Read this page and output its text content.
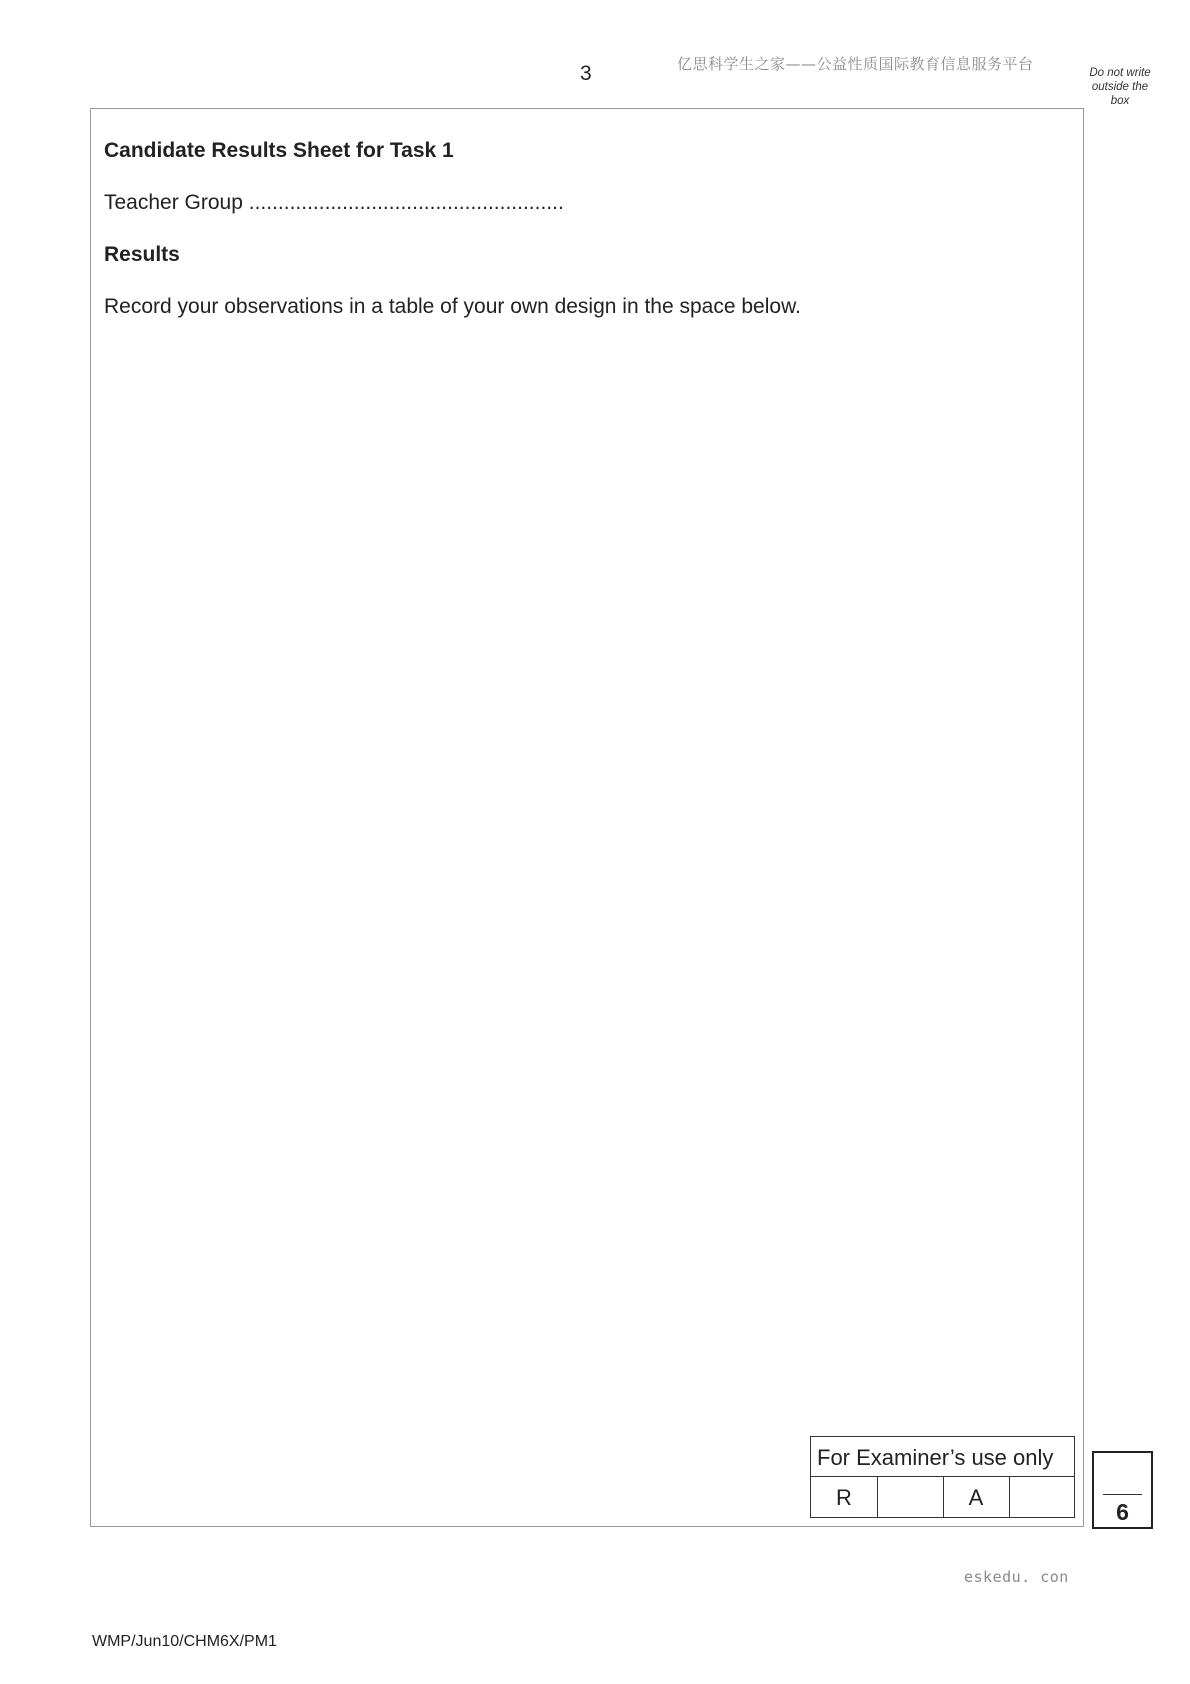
3	亿思科学生之家——公益性质国际教育信息服务平台	Do not write
outside the
box
Candidate Results Sheet for Task 1
Teacher Group ......................................................
Results
Record your observations in a table of your own design in the space below.
For Examiner’s use only
R	A
6
eskedu. con
WMP/Jun10/CHM6X/PM1
